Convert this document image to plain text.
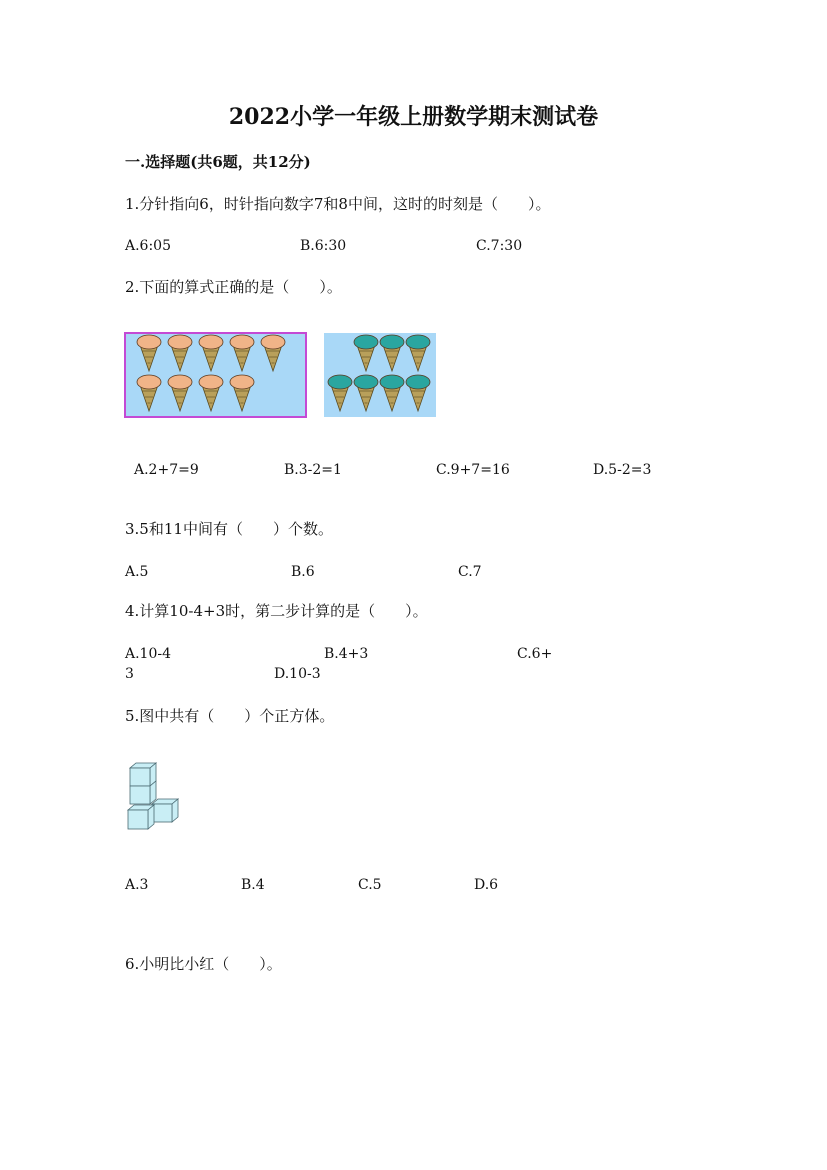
2022小学一年级上册数学期末测试卷
一.选择题(共6题，共12分)
1.分针指向6，时针指向数字7和8中间，这时的时刻是（　　）。
A.6:05	B.6:30	C.7:30
2.下面的算式正确的是（　　）。
A.2+7=9	B.3-2=1	C.9+7=16	D.5-2=3
3.5和11中间有（　　）个数。
A.5	B.6	C.7
4.计算10-4+3时，第二步计算的是（　　）。
A.10-4	B.4+3	C.6+
3	D.10-3
5.图中共有（　　）个正方体。
A.3	B.4	C.5	D.6
6.小明比小红（　　）。
